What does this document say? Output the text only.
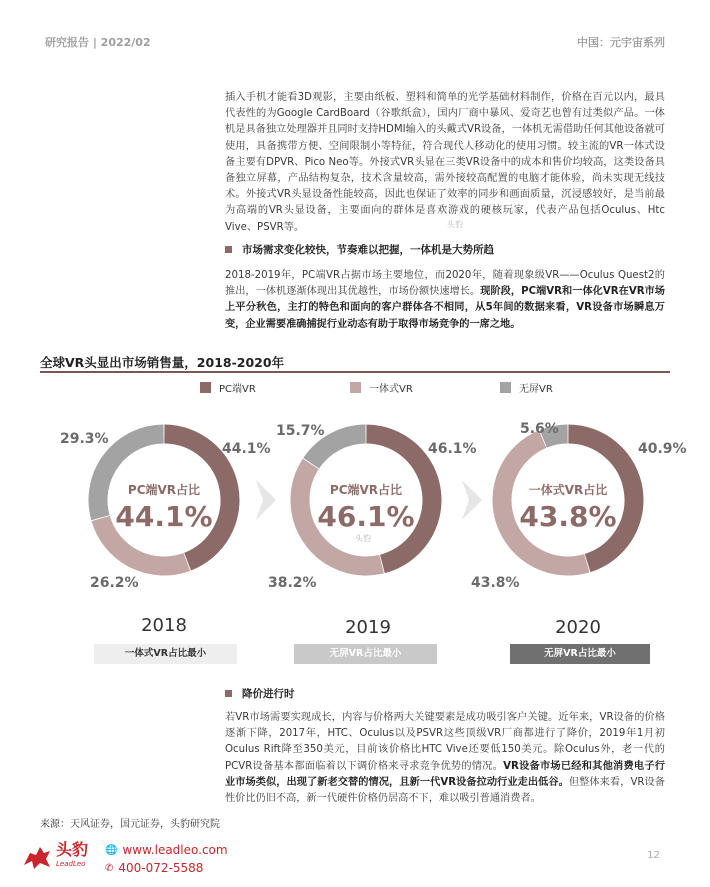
研究报告 | 2022/02	中国：元宇宙系列
插入手机才能看3D观影，主要由纸板、塑料和简单的光学基础材料制作，价格在百元以内，最具代表性的为Google CardBoard（谷歌纸盒），国内厂商中暴风、爱奇艺也曾有过类似产品。一体机是具备独立处理器并且同时支持HDMI输入的头戴式VR设备，一体机无需借助任何其他设备就可使用，具备携带方便、空间限制小等特征，符合现代人移动化的使用习惯。较主流的VR一体式设备主要有DPVR、Pico Neo等。外接式VR头显在三类VR设备中的成本和售价均较高，这类设备具备独立屏幕，产品结构复杂，技术含量较高，需外接较高配置的电脑才能体验，尚未实现无线技术。外接式VR头显设备性能较高，因此也保证了效率的同步和画面质量，沉浸感较好，是当前最为高端的VR头显设备，主要面向的群体是喜欢游戏的硬核玩家，代表产品包括Oculus、Htc Vive、PSVR等。	头豹
市场需求变化较快，节奏难以把握，一体机是大势所趋
2018-2019年，PC端VR占据市场主要地位，而2020年，随着现象级VR——Oculus Quest2的推出，一体机逐渐体现出其优越性，市场份额快速增长。现阶段，PC端VR和一体化VR在VR市场上平分秋色，主打的特色和面向的客户群体各不相同，从5年间的数据来看，VR设备市场瞬息万变，企业需要准确捕捉行业动态有助于取得市场竞争的一席之地。
全球VR头显出市场销售量，2018-2020年
PC端VR	一体式VR	无屏VR
44.1%
26.2%
29.3%
PC端VR占比
44.1%
46.1%
38.2%
15.7%
PC端VR占比
46.1%
40.9%
43.8%
5.6%
一体式VR占比
43.8%
头豹
2018	2019	2020
一体式VR占比最小	无屏VR占比最小	无屏VR占比最小
降价进行时
若VR市场需要实现成长，内容与价格两大关键要素是成功吸引客户关键。近年来，VR设备的价格逐渐下降，2017年，HTC、Oculus以及PSVR这些顶级VR厂商都进行了降价，2019年1月初Oculus Rift降至350美元，目前该价格比HTC Vive还要低150美元。除Oculus外，老一代的PCVR设备基本都面临着以下调价格来寻求竞争优势的情况。VR设备市场已经和其他消费电子行业市场类似，出现了新老交替的情况，且新一代VR设备拉动行业走出低谷。但整体来看，VR设备性价比仍旧不高，新一代硬件价格仍居高不下，难以吸引普通消费者。
来源：天风证券，国元证券，头豹研究院
头豹
LeadLeo
🌐 www.leadleo.com
✆ 400-072-5588
12
